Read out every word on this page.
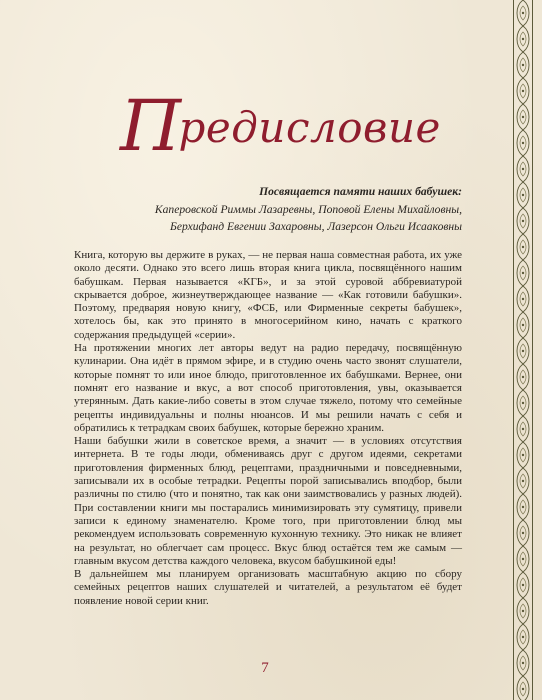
Предисловие
Посвящается памяти наших бабушек:
Каперовской Риммы Лазаревны, Поповой Елены Михайловны,
Берхифанд Евгении Захаровны, Лазерсон Ольги Исааковны

Книга, которую вы держите в руках, — не первая наша совместная работа, их уже около десяти. Однако это всего лишь вторая книга цикла, посвящённого нашим бабушкам. Первая называется «КГБ», и за этой суровой аббревиатурой скрывается доброе, жизнеутверждающее название — «Как готовили бабушки». Поэтому, предваряя новую книгу, «ФСБ, или Фирменные секреты бабушек», хотелось бы, как это принято в многосерийном кино, начать с краткого содержания предыдущей «серии».

На протяжении многих лет авторы ведут на радио передачу, посвящённую кулинарии. Она идёт в прямом эфире, и в студию очень часто звонят слушатели, которые помнят то или иное блюдо, приготовленное их бабушками. Вернее, они помнят его название и вкус, а вот способ приготовления, увы, оказывается утерянным. Дать какие-либо советы в этом случае тяжело, потому что семейные рецепты индивидуальны и полны нюансов. И мы решили начать с себя и обратились к тетрадкам своих бабушек, которые бережно храним.

Наши бабушки жили в советское время, а значит — в условиях отсутствия интернета. В те годы люди, обмениваясь друг с другом идеями, секретами приготовления фирменных блюд, рецептами, праздничными и повседневными, записывали их в особые тетрадки. Рецепты порой записывались вподбор, были различны по стилю (что и понятно, так как они заимствовались у разных людей). При составлении книги мы постарались минимизировать эту сумятицу, привели записи к единому знаменателю. Кроме того, при приготовлении блюд мы рекомендуем использовать современную кухонную технику. Это никак не влияет на результат, но облегчает сам процесс. Вкус блюд остаётся тем же самым — главным вкусом детства каждого человека, вкусом бабушкиной еды!

В дальнейшем мы планируем организовать масштабную акцию по сбору семейных рецептов наших слушателей и читателей, а результатом её будет появление новой серии книг.

7
